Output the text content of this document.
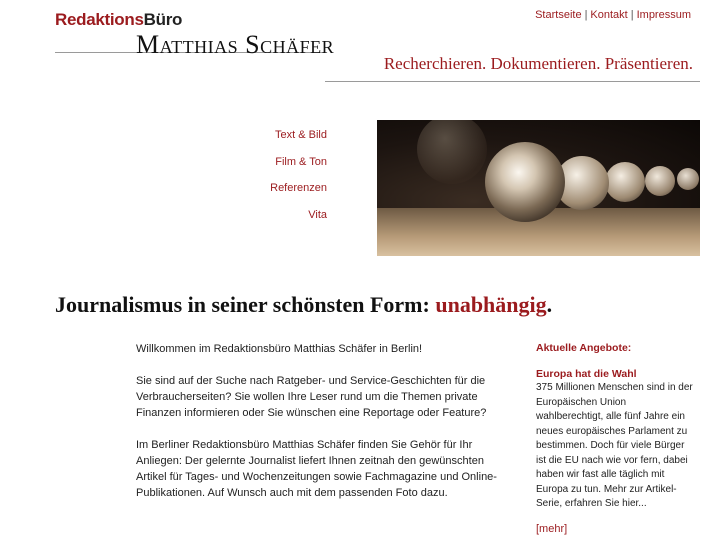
RedaktionsBüro
Matthias Schäfer
Startseite | Kontakt | Impressum
Recherchieren. Dokumentieren. Präsentieren.
Text & Bild
Film & Ton
Referenzen
Vita
Journalismus in seiner schönsten Form: unabhängig.

Willkommen im Redaktionsbüro Matthias Schäfer in Berlin!

Sie sind auf der Suche nach Ratgeber- und Service-Geschichten für die Verbraucherseiten? Sie wollen Ihre Leser rund um die Themen private Finanzen informieren oder Sie wünschen eine Reportage oder Feature?

Im Berliner Redaktionsbüro Matthias Schäfer finden Sie Gehör für Ihr Anliegen: Der gelernte Journalist liefert Ihnen zeitnah den gewünschten Artikel für Tages- und Wochenzeitungen sowie Fachmagazine und Online-Publikationen. Auf Wunsch auch mit dem passenden Foto dazu.

Aktuelle Angebote:
Europa hat die Wahl
375 Millionen Menschen sind in der Europäischen Union wahlberechtigt, alle fünf Jahre ein neues europäisches Parlament zu bestimmen. Doch für viele Bürger ist die EU nach wie vor fern, dabei haben wir fast alle täglich mit Europa zu tun. Mehr zur Artikel-Serie, erfahren Sie hier...
[mehr]
